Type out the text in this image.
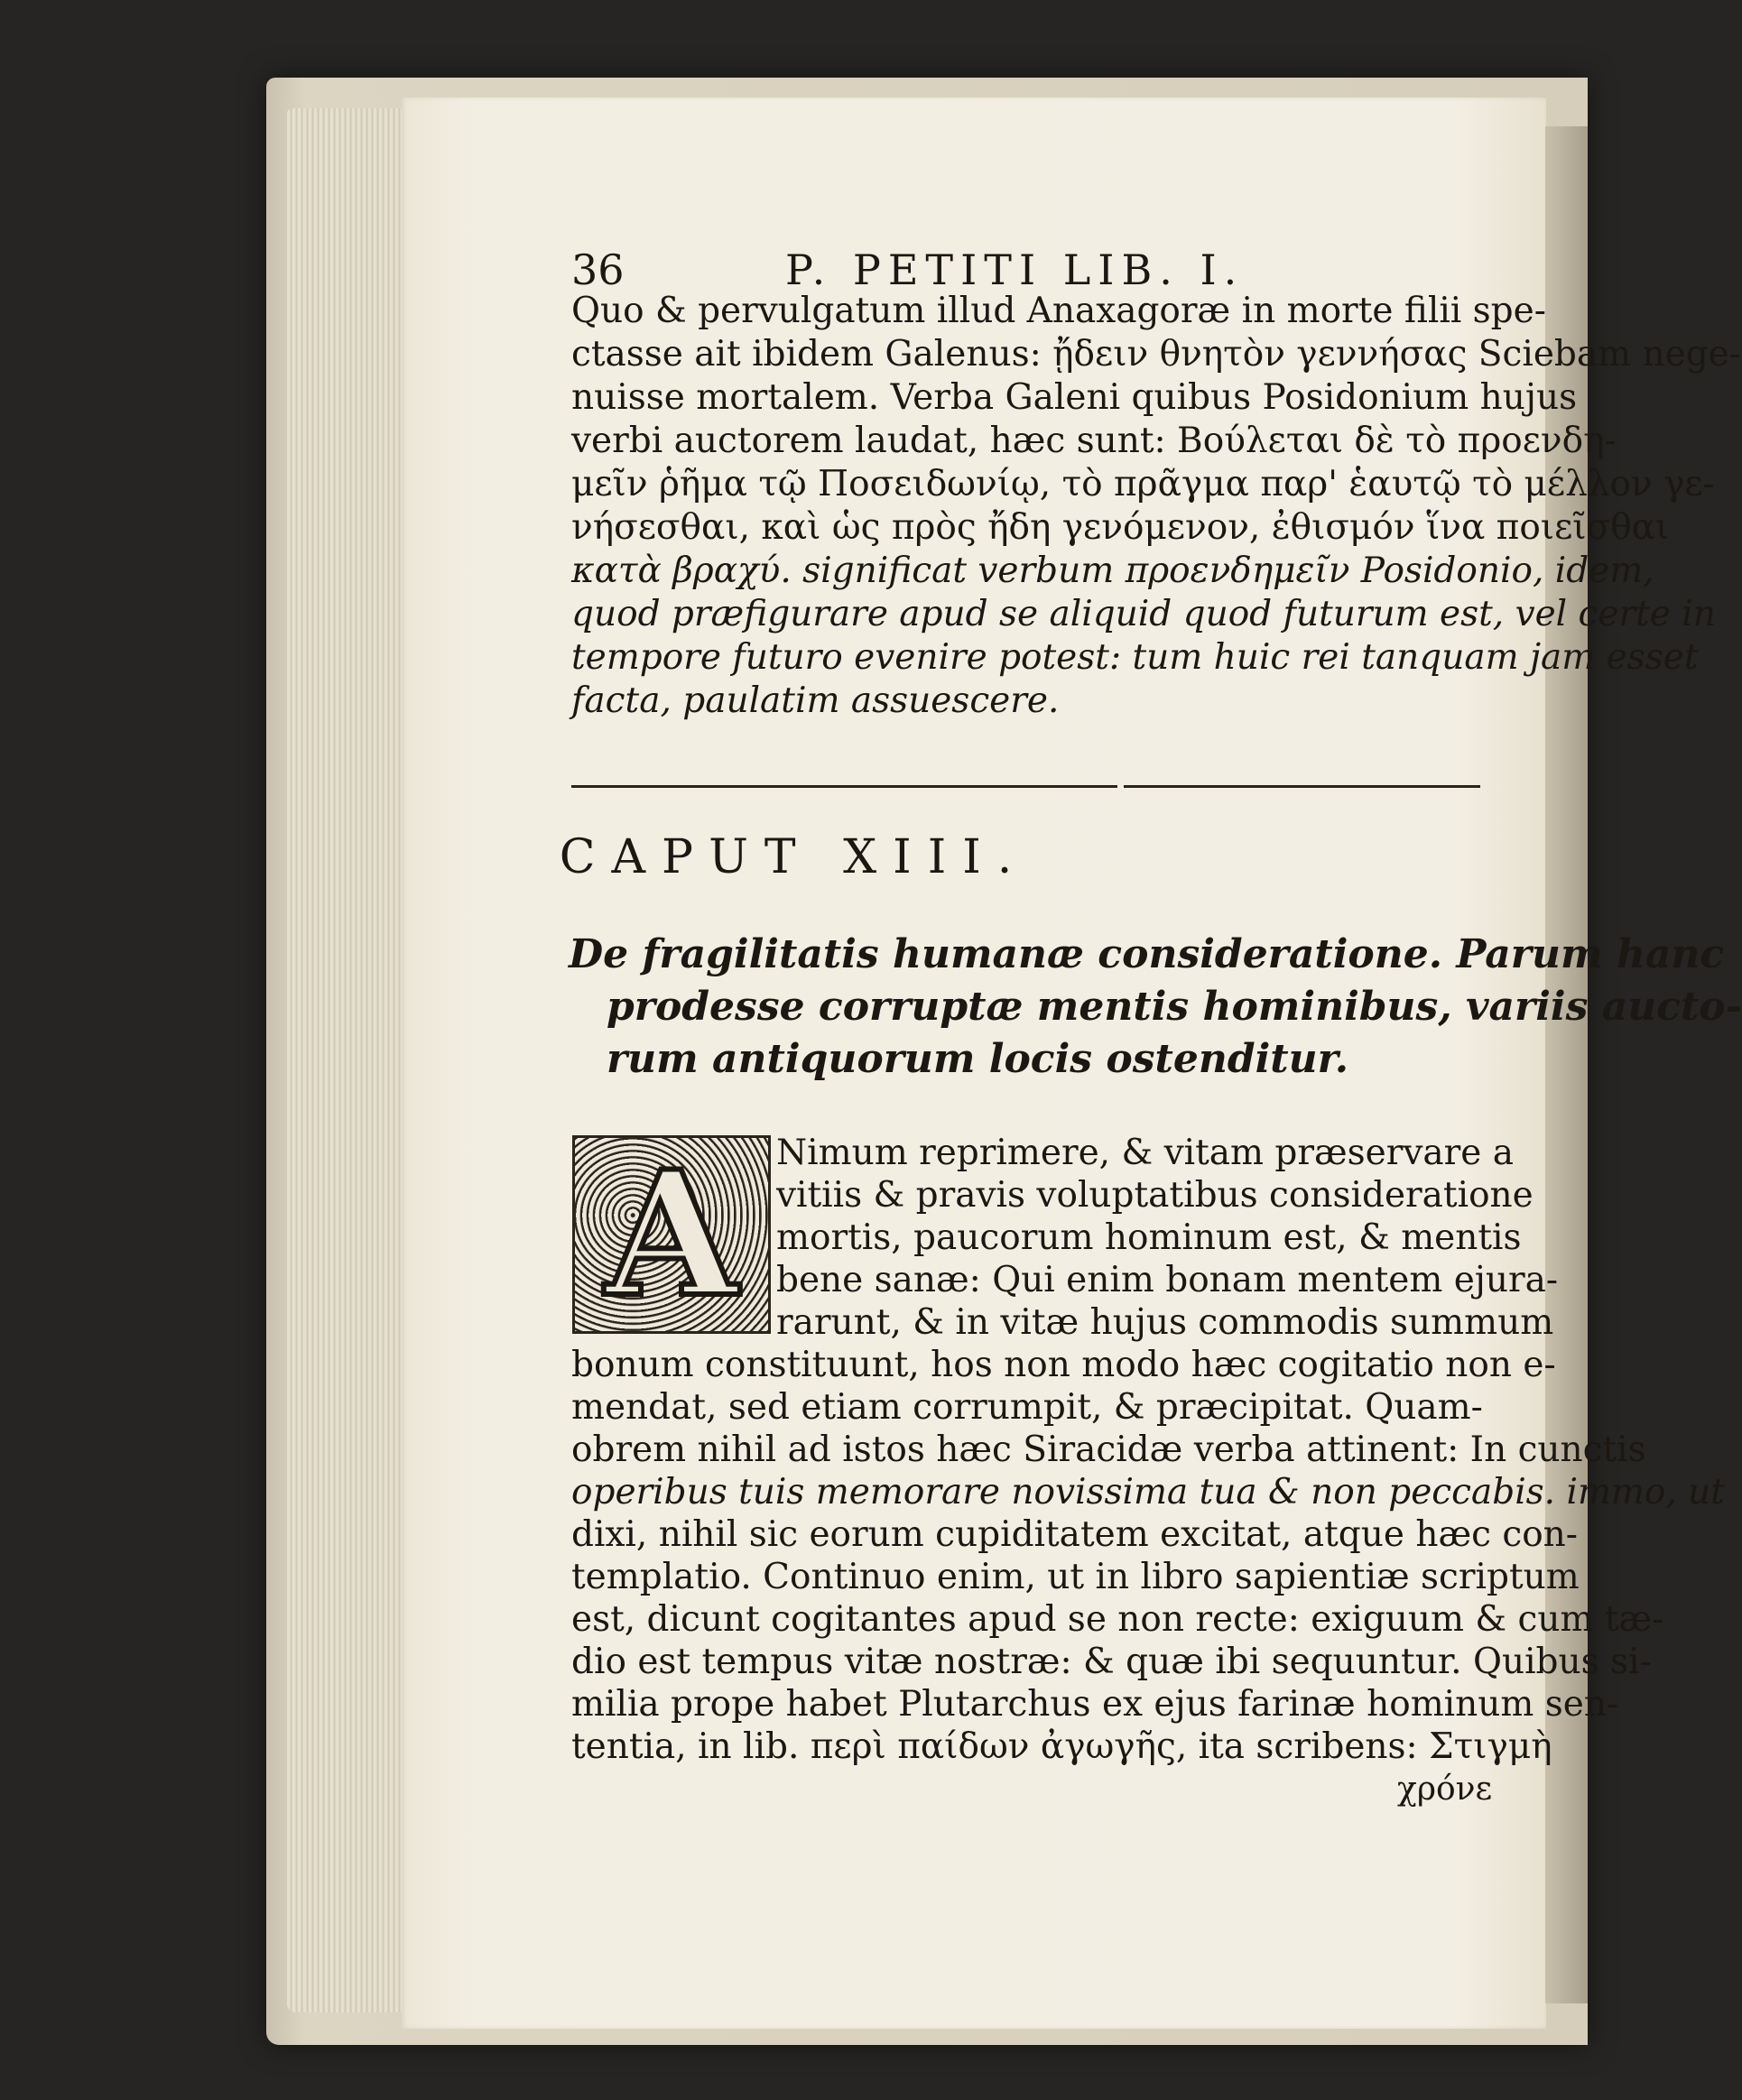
36	P. PETITI LIB. I.
Quo & pervulgatum illud Anaxagoræ in morte filii spe-
ctasse ait ibidem Galenus: ᾔδειν θνητὸν γεννήσας Sciebam nege-
nuisse mortalem. Verba Galeni quibus Posidonium hujus
verbi auctorem laudat, hæc sunt: Βούλεται δὲ τὸ προενδη-
μεῖν ῥῆμα τῷ Ποσειδωνίῳ, τὸ πρᾶγμα παρ' ἑαυτῷ τὸ μέλλον γε-
νήσεσθαι, καὶ ὡς πρὸς ἤδη γενόμενον, ἐθισμόν ἵνα ποιεῖσθαι
κατὰ βραχύ. significat verbum προενδημεῖν Posidonio, idem,
quod præfigurare apud se aliquid quod futurum est, vel certe in
tempore futuro evenire potest: tum huic rei tanquam jam esset
facta, paulatim assuescere.
CAPUT XIII.
De fragilitatis humanæ consideratione. Parum hanc
prodesse corruptæ mentis hominibus, variis aucto-
rum antiquorum locis ostenditur.
A Nimum reprimere, & vitam præservare a
vitiis & pravis voluptatibus consideratione
mortis, paucorum hominum est, & mentis
bene sanæ: Qui enim bonam mentem ejura-
rarunt, & in vitæ hujus commodis summum
bonum constituunt, hos non modo hæc cogitatio non e-
mendat, sed etiam corrumpit, & præcipitat. Quam-
obrem nihil ad istos hæc Siracidæ verba attinent: In cunctis
operibus tuis memorare novissima tua & non peccabis. immo, ut
dixi, nihil sic eorum cupiditatem excitat, atque hæc con-
templatio. Continuo enim, ut in libro sapientiæ scriptum
est, dicunt cogitantes apud se non recte: exiguum & cum tæ-
dio est tempus vitæ nostræ: & quæ ibi sequuntur. Quibus si-
milia prope habet Plutarchus ex ejus farinæ hominum sen-
tentia, in lib. περὶ παίδων ἀγωγῆς, ita scribens: Στιγμὴ
χρόνε
